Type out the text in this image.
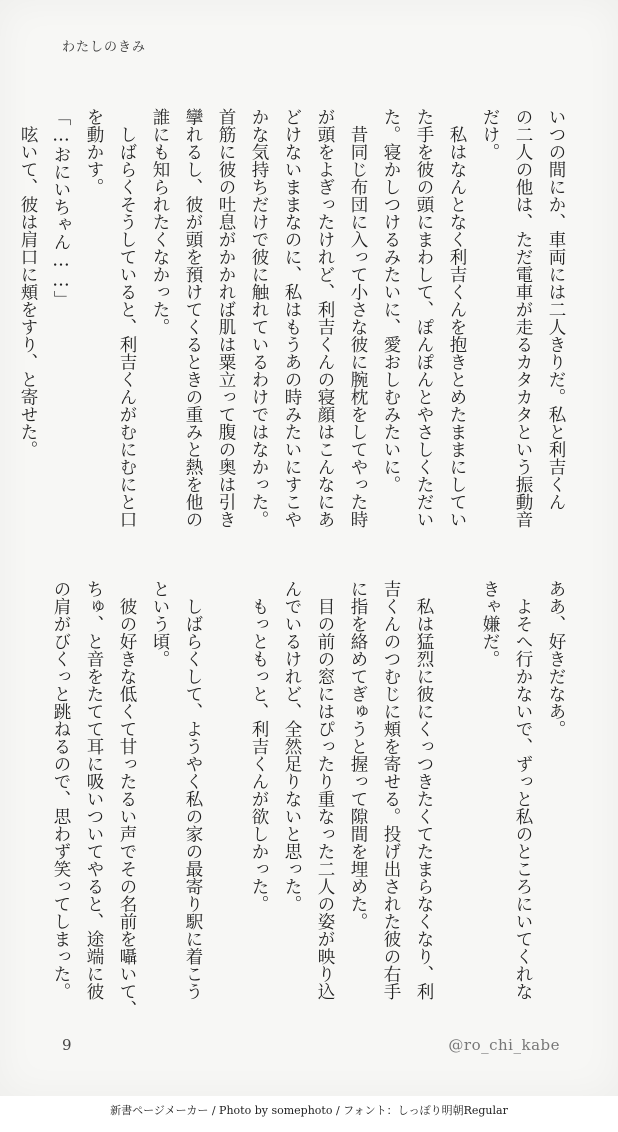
わたしのきみ
いつの間にか、車両には二人きりだ。私と利吉くん
の二人の他は、ただ電車が走るカタカタという振動音
だけ。
　私はなんとなく利吉くんを抱きとめたままにしてい
た手を彼の頭にまわして、ぽんぽんとやさしくただい
た。寝かしつけるみたいに、愛おしむみたいに。
　昔同じ布団に入って小さな彼に腕枕をしてやった時
が頭をよぎったけれど、利吉くんの寝顔はこんなにあ
どけないままなのに、私はもうあの時みたいにすこや
かな気持ちだけで彼に触れているわけではなかった。
首筋に彼の吐息がかかれば肌は粟立って腹の奥は引き
攣れるし、彼が頭を預けてくるときの重みと熱を他の
誰にも知られたくなかった。
　しばらくそうしていると、利吉くんがむにむにと口
を動かす。
「…おにいちゃん……」
　呟いて、彼は肩口に頬をすり、と寄せた。
ああ、好きだなあ。
　よそへ行かないで、ずっと私のところにいてくれな
きゃ嫌だ。
　私は猛烈に彼にくっつきたくてたまらなくなり、利
吉くんのつむじに頬を寄せる。投げ出された彼の右手
に指を絡めてぎゅうと握って隙間を埋めた。
　目の前の窓にはぴったり重なった二人の姿が映り込
んでいるけれど、全然足りないと思った。
　もっともっと、利吉くんが欲しかった。
　しばらくして、ようやく私の家の最寄り駅に着こう
という頃。
　彼の好きな低くて甘ったるい声でその名前を囁いて、
ちゅ、と音をたてて耳に吸いついてやると、途端に彼
の肩がびくっと跳ねるので、思わず笑ってしまった。
9	@ro_chi_kabe
新書ページメーカー / Photo by somephoto / フォント：しっぽり明朝Regular
